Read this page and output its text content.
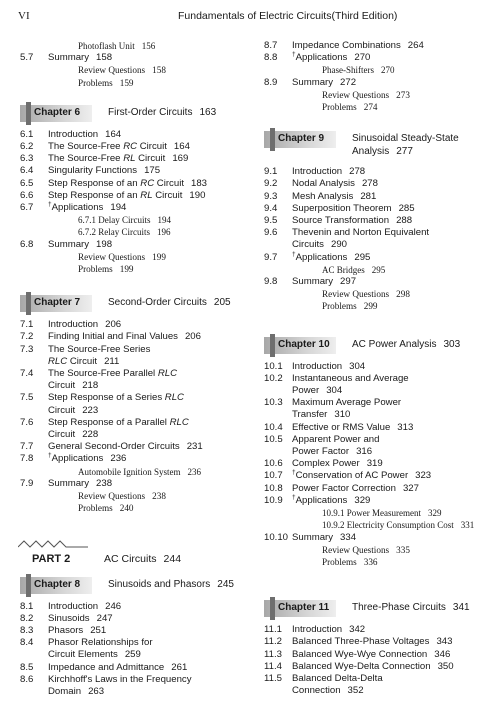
VI	Fundamentals of Electric Circuits(Third Edition)
Photoflash Unit 156
5.7 Summary 158
Review Questions 158
Problems 159
Chapter 6	First-Order Circuits 163
6.1 Introduction 164
6.2 The Source-Free RC Circuit 164
6.3 The Source-Free RL Circuit 169
6.4 Singularity Functions 175
6.5 Step Response of an RC Circuit 183
6.6 Step Response of an RL Circuit 190
6.7 †Applications 194
6.7.1 Delay Circuits 194
6.7.2 Relay Circuits 196
6.8 Summary 198
Review Questions 199
Problems 199
Chapter 7	Second-Order Circuits 205
7.1 Introduction 206
7.2 Finding Initial and Final Values 206
7.3 The Source-Free Series
RLC Circuit 211
7.4 The Source-Free Parallel RLC
Circuit 218
7.5 Step Response of a Series RLC
Circuit 223
7.6 Step Response of a Parallel RLC
Circuit 228
7.7 General Second-Order Circuits 231
7.8 †Applications 236
Automobile Ignition System 236
7.9 Summary 238
Review Questions 238
Problems 240
PART 2	AC Circuits 244
Chapter 8	Sinusoids and Phasors 245
8.1 Introduction 246
8.2 Sinusoids 247
8.3 Phasors 251
8.4 Phasor Relationships for
Circuit Elements 259
8.5 Impedance and Admittance 261
8.6 Kirchhoff's Laws in the Frequency
Domain 263
8.7 Impedance Combinations 264
8.8 †Applications 270
Phase-Shifters 270
8.9 Summary 272
Review Questions 273
Problems 274
Chapter 9	Sinusoidal Steady-State Analysis 277
9.1 Introduction 278
9.2 Nodal Analysis 278
9.3 Mesh Analysis 281
9.4 Superposition Theorem 285
9.5 Source Transformation 288
9.6 Thevenin and Norton Equivalent
Circuits 290
9.7 †Applications 295
AC Bridges 295
9.8 Summary 297
Review Questions 298
Problems 299
Chapter 10 AC Power Analysis 303
10.1 Introduction 304
10.2 Instantaneous and Average
Power 304
10.3 Maximum Average Power
Transfer 310
10.4 Effective or RMS Value 313
10.5 Apparent Power and
Power Factor 316
10.6 Complex Power 319
10.7 †Conservation of AC Power 323
10.8 Power Factor Correction 327
10.9 †Applications 329
10.9.1 Power Measurement 329
10.9.2 Electricity Consumption Cost 331
10.10 Summary 334
Review Questions 335
Problems 336
Chapter 11 Three-Phase Circuits 341
11.1 Introduction 342
11.2 Balanced Three-Phase Voltages 343
11.3 Balanced Wye-Wye Connection 346
11.4 Balanced Wye-Delta Connection 350
11.5 Balanced Delta-Delta
Connection 352
